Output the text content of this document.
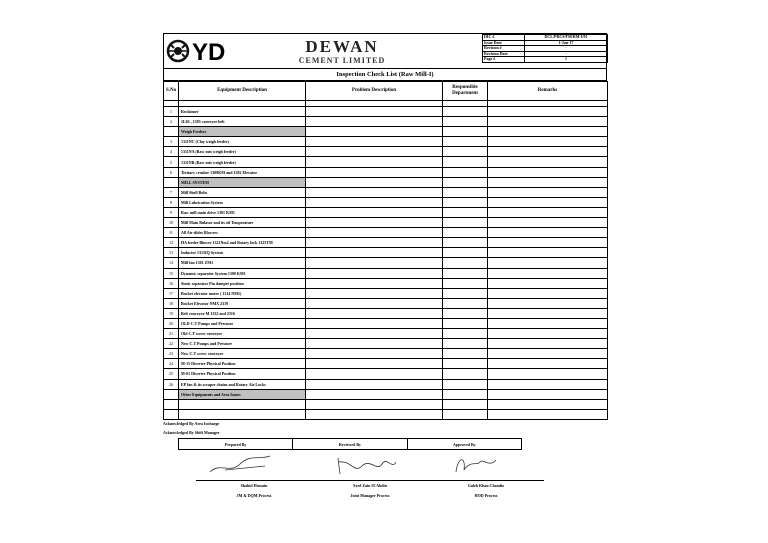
YD	DEWAN
CEMENT LIMITED
DIC #	DCL/PRCS/FM/RM-I/01
Issue Date	1-Jan-17
Revision #	-
Revision Date	-
Page #	1
Inspection Check List (Raw Mill-I)
S.No	Equipment Description	Problem Description	Responsible Department	Remarks

1	Reclaimer			
2	1L02 , 1303 conveyor belt			
	Weigh Feeders			
3	1311NC (Clay weigh feeder)			
4	1311NA (Raw mix weigh feeder)			
5	1311NB (Raw mix weigh feeder)			
6	Tertiary crusher 1309KM and 1302 Elevator			
	MILL SYSTEM			
7	Mill Shell Bolts			
8	Mill Lubrication System			
9	Raw mill main drive 1301 KM1			
10	Mill Main Bulasor and its oil Temperature			
11	All Air slides Blowers			
12	HA feeder Blower 1321Nm2 and Rotary lock 1325TM			
13	Inductor 1315IQ System			
14	Mill fan 1301 ZM1			
15	Dynamic separator System 1300 KM1			
16	Static separator Pin damper position			
17	Bucket elevator motor ( 1314 NM1)			
18	Bucket Elevator NMX 2319			
19	Belt conveyor-M 1332 and 2316			
20	OLD C.T Pumps and Pressure			
21	Old C.T screw conveyor			
22	New C.T Pumps and Pressure			
23	New C.T screw conveyor			
24	M-15 Diverter Physical Position			
25	M-01 Diverter Physical Position			
26	EP fan & its scraper chains and Rotary Air Locks			
	Other Equipments and Area Issues			

Acknowledged By Area Incharge
Acknowledged By Shift Manager
Prepared By	Reviewed By	Approved By
Shahid Hussain	Syed Zain Ul Abdin	Galeb Khan Chandio
JM & DQM Process	Joint Manager Process	HOD Process
